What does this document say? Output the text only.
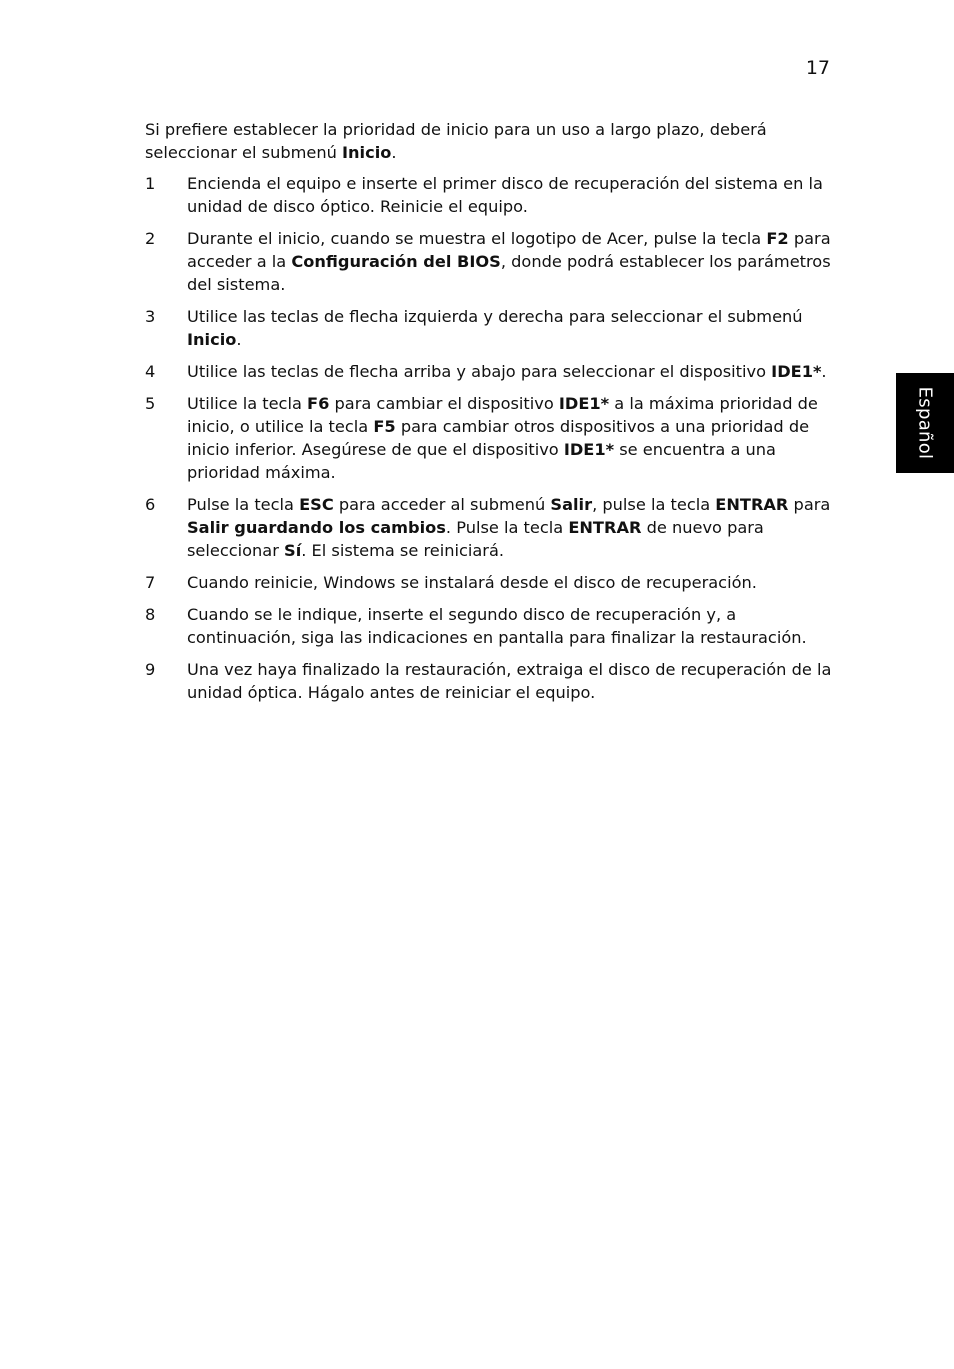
17
Español

Si prefiere establecer la prioridad de inicio para un uso a largo plazo, deberá seleccionar el submenú Inicio.

1	Encienda el equipo e inserte el primer disco de recuperación del sistema en la unidad de disco óptico. Reinicie el equipo.
2	Durante el inicio, cuando se muestra el logotipo de Acer, pulse la tecla F2 para acceder a la Configuración del BIOS, donde podrá establecer los parámetros del sistema.
3	Utilice las teclas de flecha izquierda y derecha para seleccionar el submenú Inicio.
4	Utilice las teclas de flecha arriba y abajo para seleccionar el dispositivo IDE1*.
5	Utilice la tecla F6 para cambiar el dispositivo IDE1* a la máxima prioridad de inicio, o utilice la tecla F5 para cambiar otros dispositivos a una prioridad de inicio inferior. Asegúrese de que el dispositivo IDE1* se encuentra a una prioridad máxima.
6	Pulse la tecla ESC para acceder al submenú Salir, pulse la tecla ENTRAR para Salir guardando los cambios. Pulse la tecla ENTRAR de nuevo para seleccionar Sí. El sistema se reiniciará.
7	Cuando reinicie, Windows se instalará desde el disco de recuperación.
8	Cuando se le indique, inserte el segundo disco de recuperación y, a continuación, siga las indicaciones en pantalla para finalizar la restauración.
9	Una vez haya finalizado la restauración, extraiga el disco de recuperación de la unidad óptica. Hágalo antes de reiniciar el equipo.
